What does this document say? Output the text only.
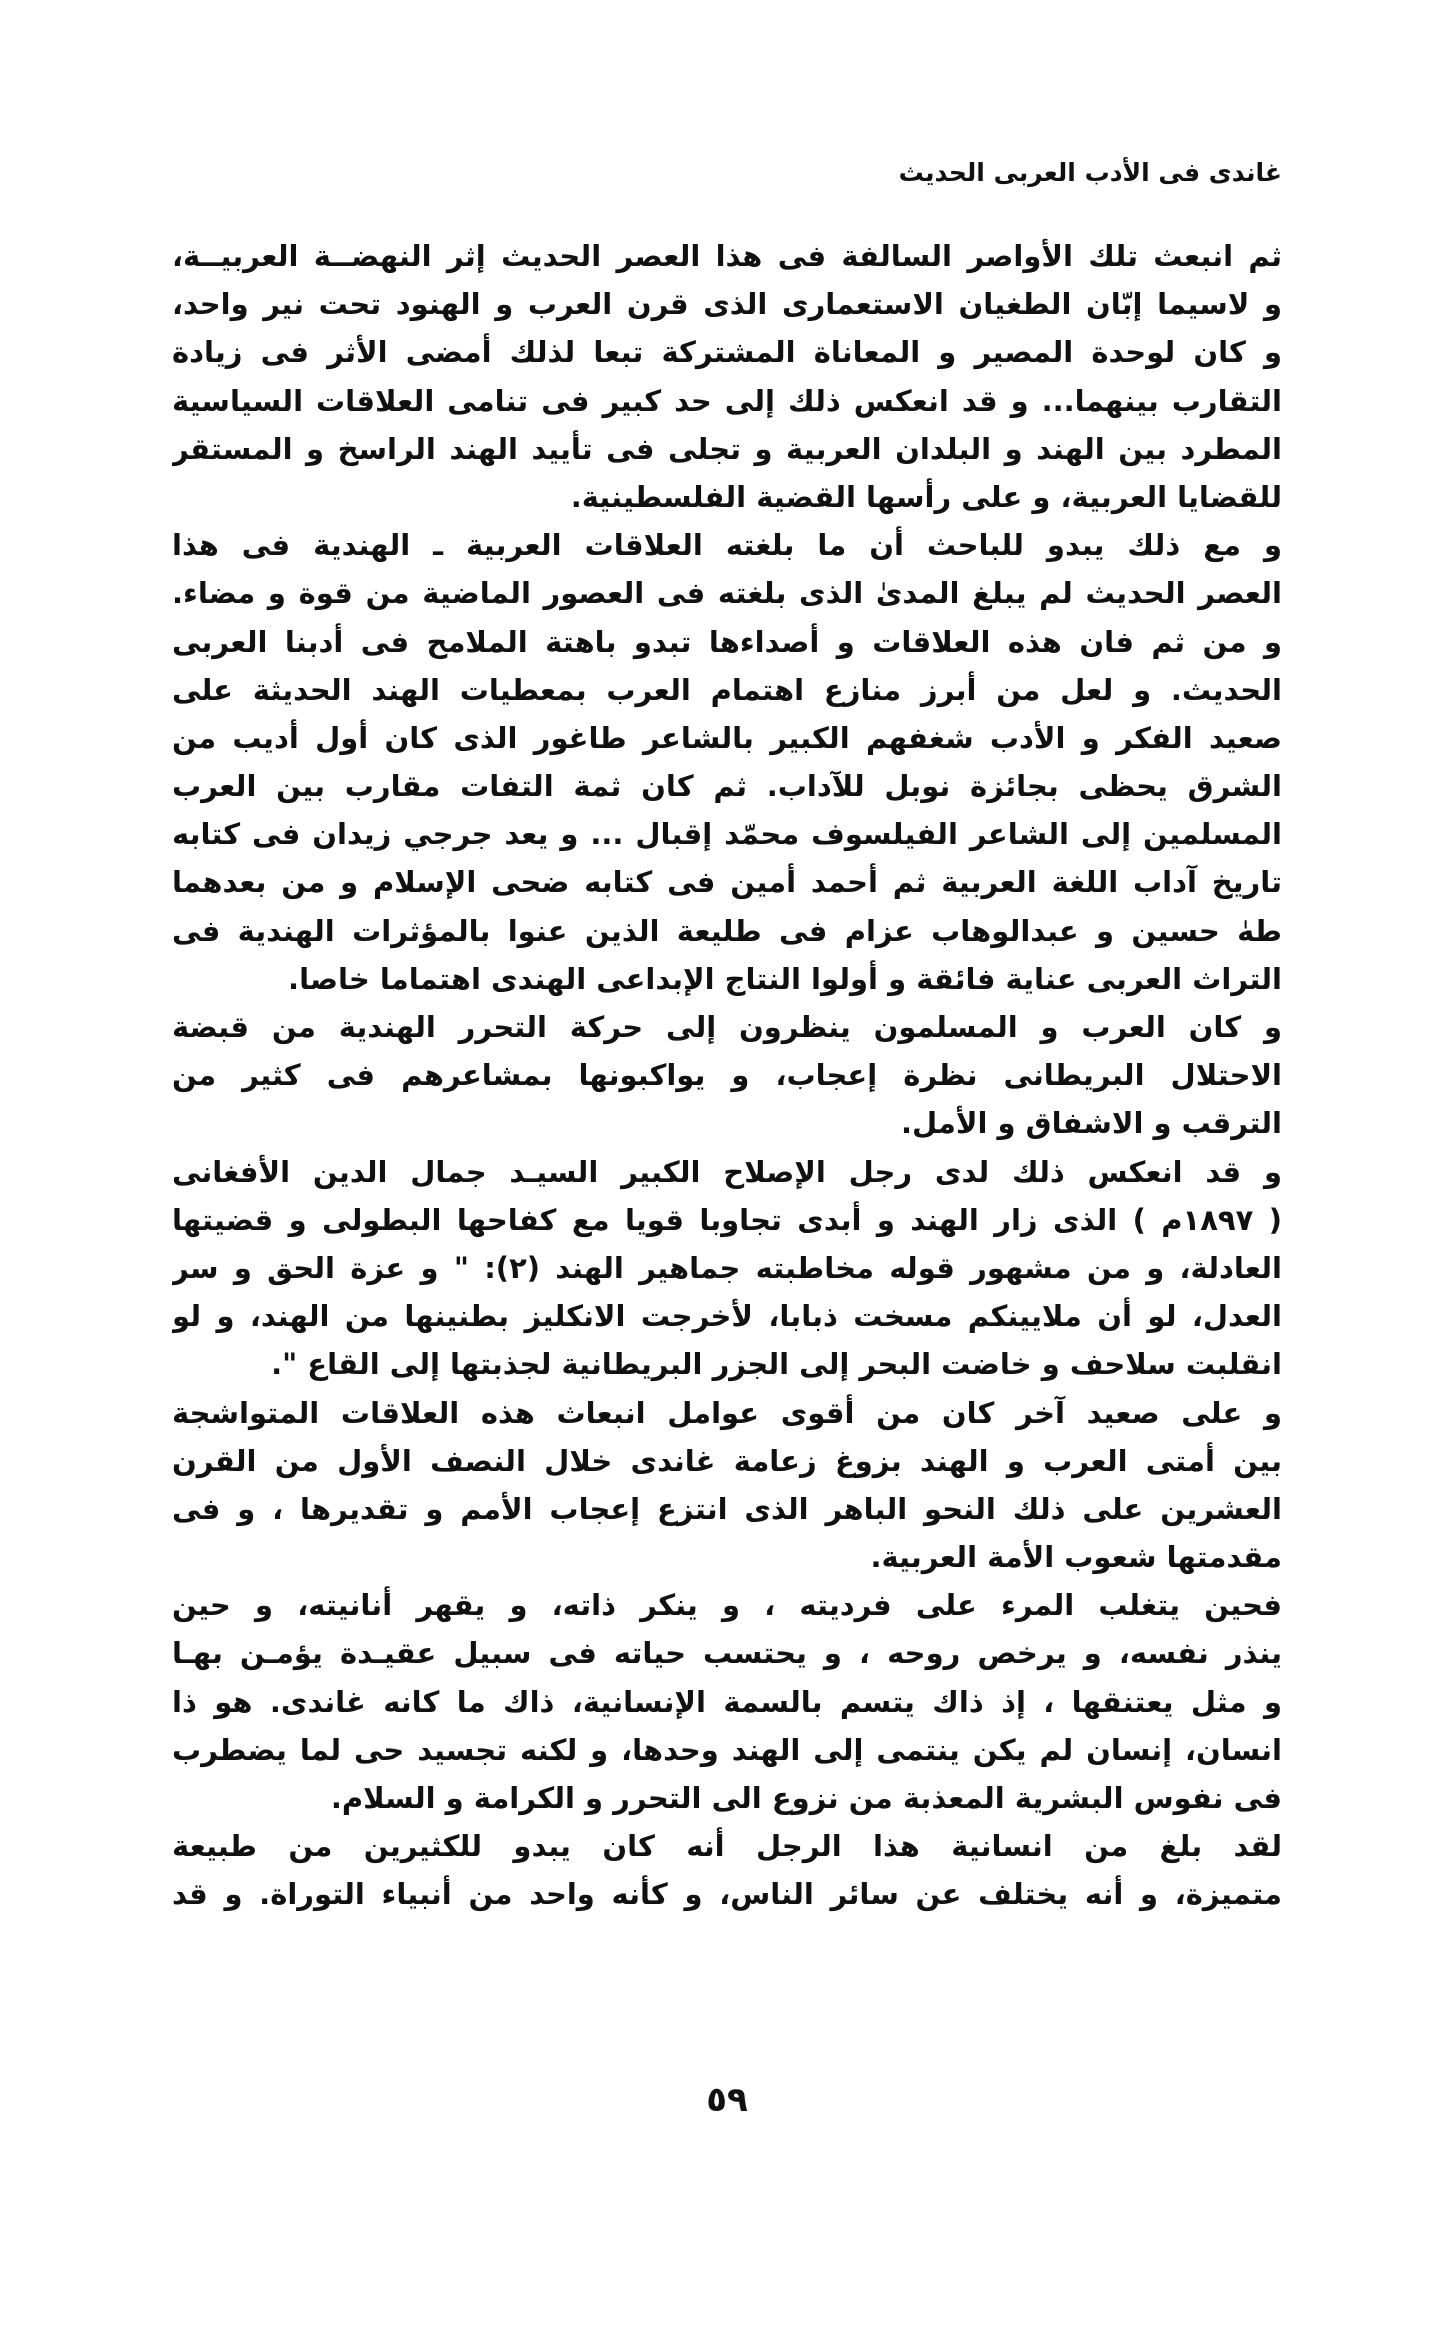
غاندى فى الأدب العربى الحديث
ثم انبعث تلك الأواصر السالفة فى هذا العصر الحديث إثر النهضــة العربيــة،
و لاسيما إبّان الطغيان الاستعمارى الذى قرن العرب و الهنود تحت نير واحد،
و كان لوحدة المصير و المعاناة المشتركة تبعا لذلك أمضى الأثر فى زيادة
التقارب بينهما... و قد انعكس ذلك إلى حد كبير فى تنامى العلاقات السياسية
المطرد بين الهند و البلدان العربية و تجلى فى تأييد الهند الراسخ و المستقر
للقضايا العربية، و على رأسها القضية الفلسطينية.
و مع ذلك يبدو للباحث أن ما بلغته العلاقات العربية ـ الهندية فى هذا
العصر الحديث لم يبلغ المدىٰ الذى بلغته فى العصور الماضية من قوة و مضاء.
و من ثم فان هذه العلاقات و أصداءها تبدو باهتة الملامح فى أدبنا العربى
الحديث. و لعل من أبرز منازع اهتمام العرب بمعطيات الهند الحديثة على
صعيد الفكر و الأدب شغفهم الكبير بالشاعر طاغور الذى كان أول أديب من
الشرق يحظى بجائزة نوبل للآداب. ثم كان ثمة التفات مقارب بين العرب
المسلمين إلى الشاعر الفيلسوف محمّد إقبال ... و يعد جرجي زيدان فى كتابه
تاريخ آداب اللغة العربية ثم أحمد أمين فى كتابه ضحى الإسلام و من بعدهما
طهٰ حسين و عبدالوهاب عزام فى طليعة الذين عنوا بالمؤثرات الهندية فى
التراث العربى عناية فائقة و أولوا النتاج الإبداعى الهندى اهتماما خاصا.
و كان العرب و المسلمون ينظرون إلى حركة التحرر الهندية من قبضة
الاحتلال البريطانى نظرة إعجاب، و يواكبونها بمشاعرهم فى كثير من
الترقب و الاشفاق و الأمل.
و قد انعكس ذلك لدى رجل الإصلاح الكبير السيـد جمال الدين الأفغانى
( ١٨٩٧م ) الذى زار الهند و أبدى تجاوبا قويا مع كفاحها البطولى و قضيتها
العادلة، و من مشهور قوله مخاطبته جماهير الهند (٢): " و عزة الحق و سر
العدل، لو أن ملايينكم مسخت ذبابا، لأخرجت الانكليز بطنينها من الهند، و لو
انقلبت سلاحف و خاضت البحر إلى الجزر البريطانية لجذبتها إلى القاع ".
و على صعيد آخر كان من أقوى عوامل انبعاث هذه العلاقات المتواشجة
بين أمتى العرب و الهند بزوغ زعامة غاندى خلال النصف الأول من القرن
العشرين على ذلك النحو الباهر الذى انتزع إعجاب الأمم و تقديرها ، و فى
مقدمتها شعوب الأمة العربية.
فحين يتغلب المرء على فرديته ، و ينكر ذاته، و يقهر أنانيته، و حين
ينذر نفسه، و يرخص روحه ، و يحتسب حياته فى سبيل عقيـدة يؤمـن بهـا
و مثل يعتنقها ، إذ ذاك يتسم بالسمة الإنسانية، ذاك ما كانه غاندى. هو ذا
انسان، إنسان لم يكن ينتمى إلى الهند وحدها، و لكنه تجسيد حى لما يضطرب
فى نفوس البشرية المعذبة من نزوع الى التحرر و الكرامة و السلام.
لقد بلغ من انسانية هذا الرجل أنه كان يبدو للكثيرين من طبيعة
متميزة، و أنه يختلف عن سائر الناس، و كأنه واحد من أنبياء التوراة. و قد
٥٩
